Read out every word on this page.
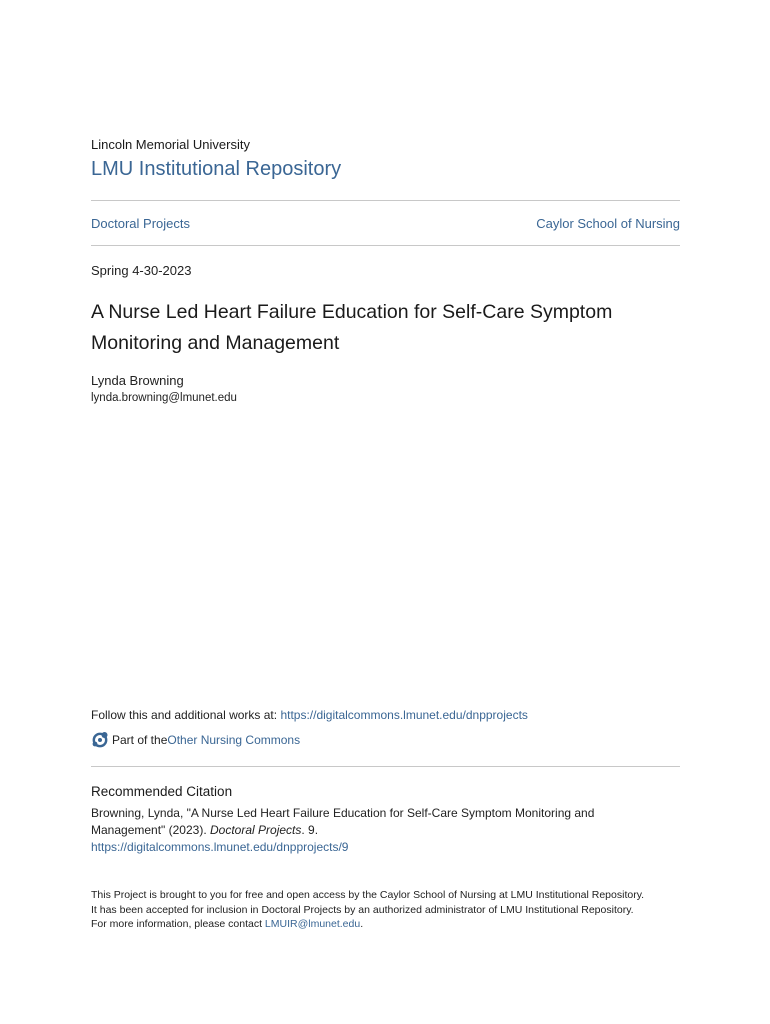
Lincoln Memorial University
LMU Institutional Repository
Doctoral Projects	Caylor School of Nursing
Spring 4-30-2023
A Nurse Led Heart Failure Education for Self-Care Symptom Monitoring and Management
Lynda Browning
lynda.browning@lmunet.edu
Follow this and additional works at: https://digitalcommons.lmunet.edu/dnpprojects
Part of the Other Nursing Commons
Recommended Citation
Browning, Lynda, "A Nurse Led Heart Failure Education for Self-Care Symptom Monitoring and Management" (2023). Doctoral Projects. 9.
https://digitalcommons.lmunet.edu/dnpprojects/9
This Project is brought to you for free and open access by the Caylor School of Nursing at LMU Institutional Repository. It has been accepted for inclusion in Doctoral Projects by an authorized administrator of LMU Institutional Repository. For more information, please contact LMUIR@lmunet.edu.
